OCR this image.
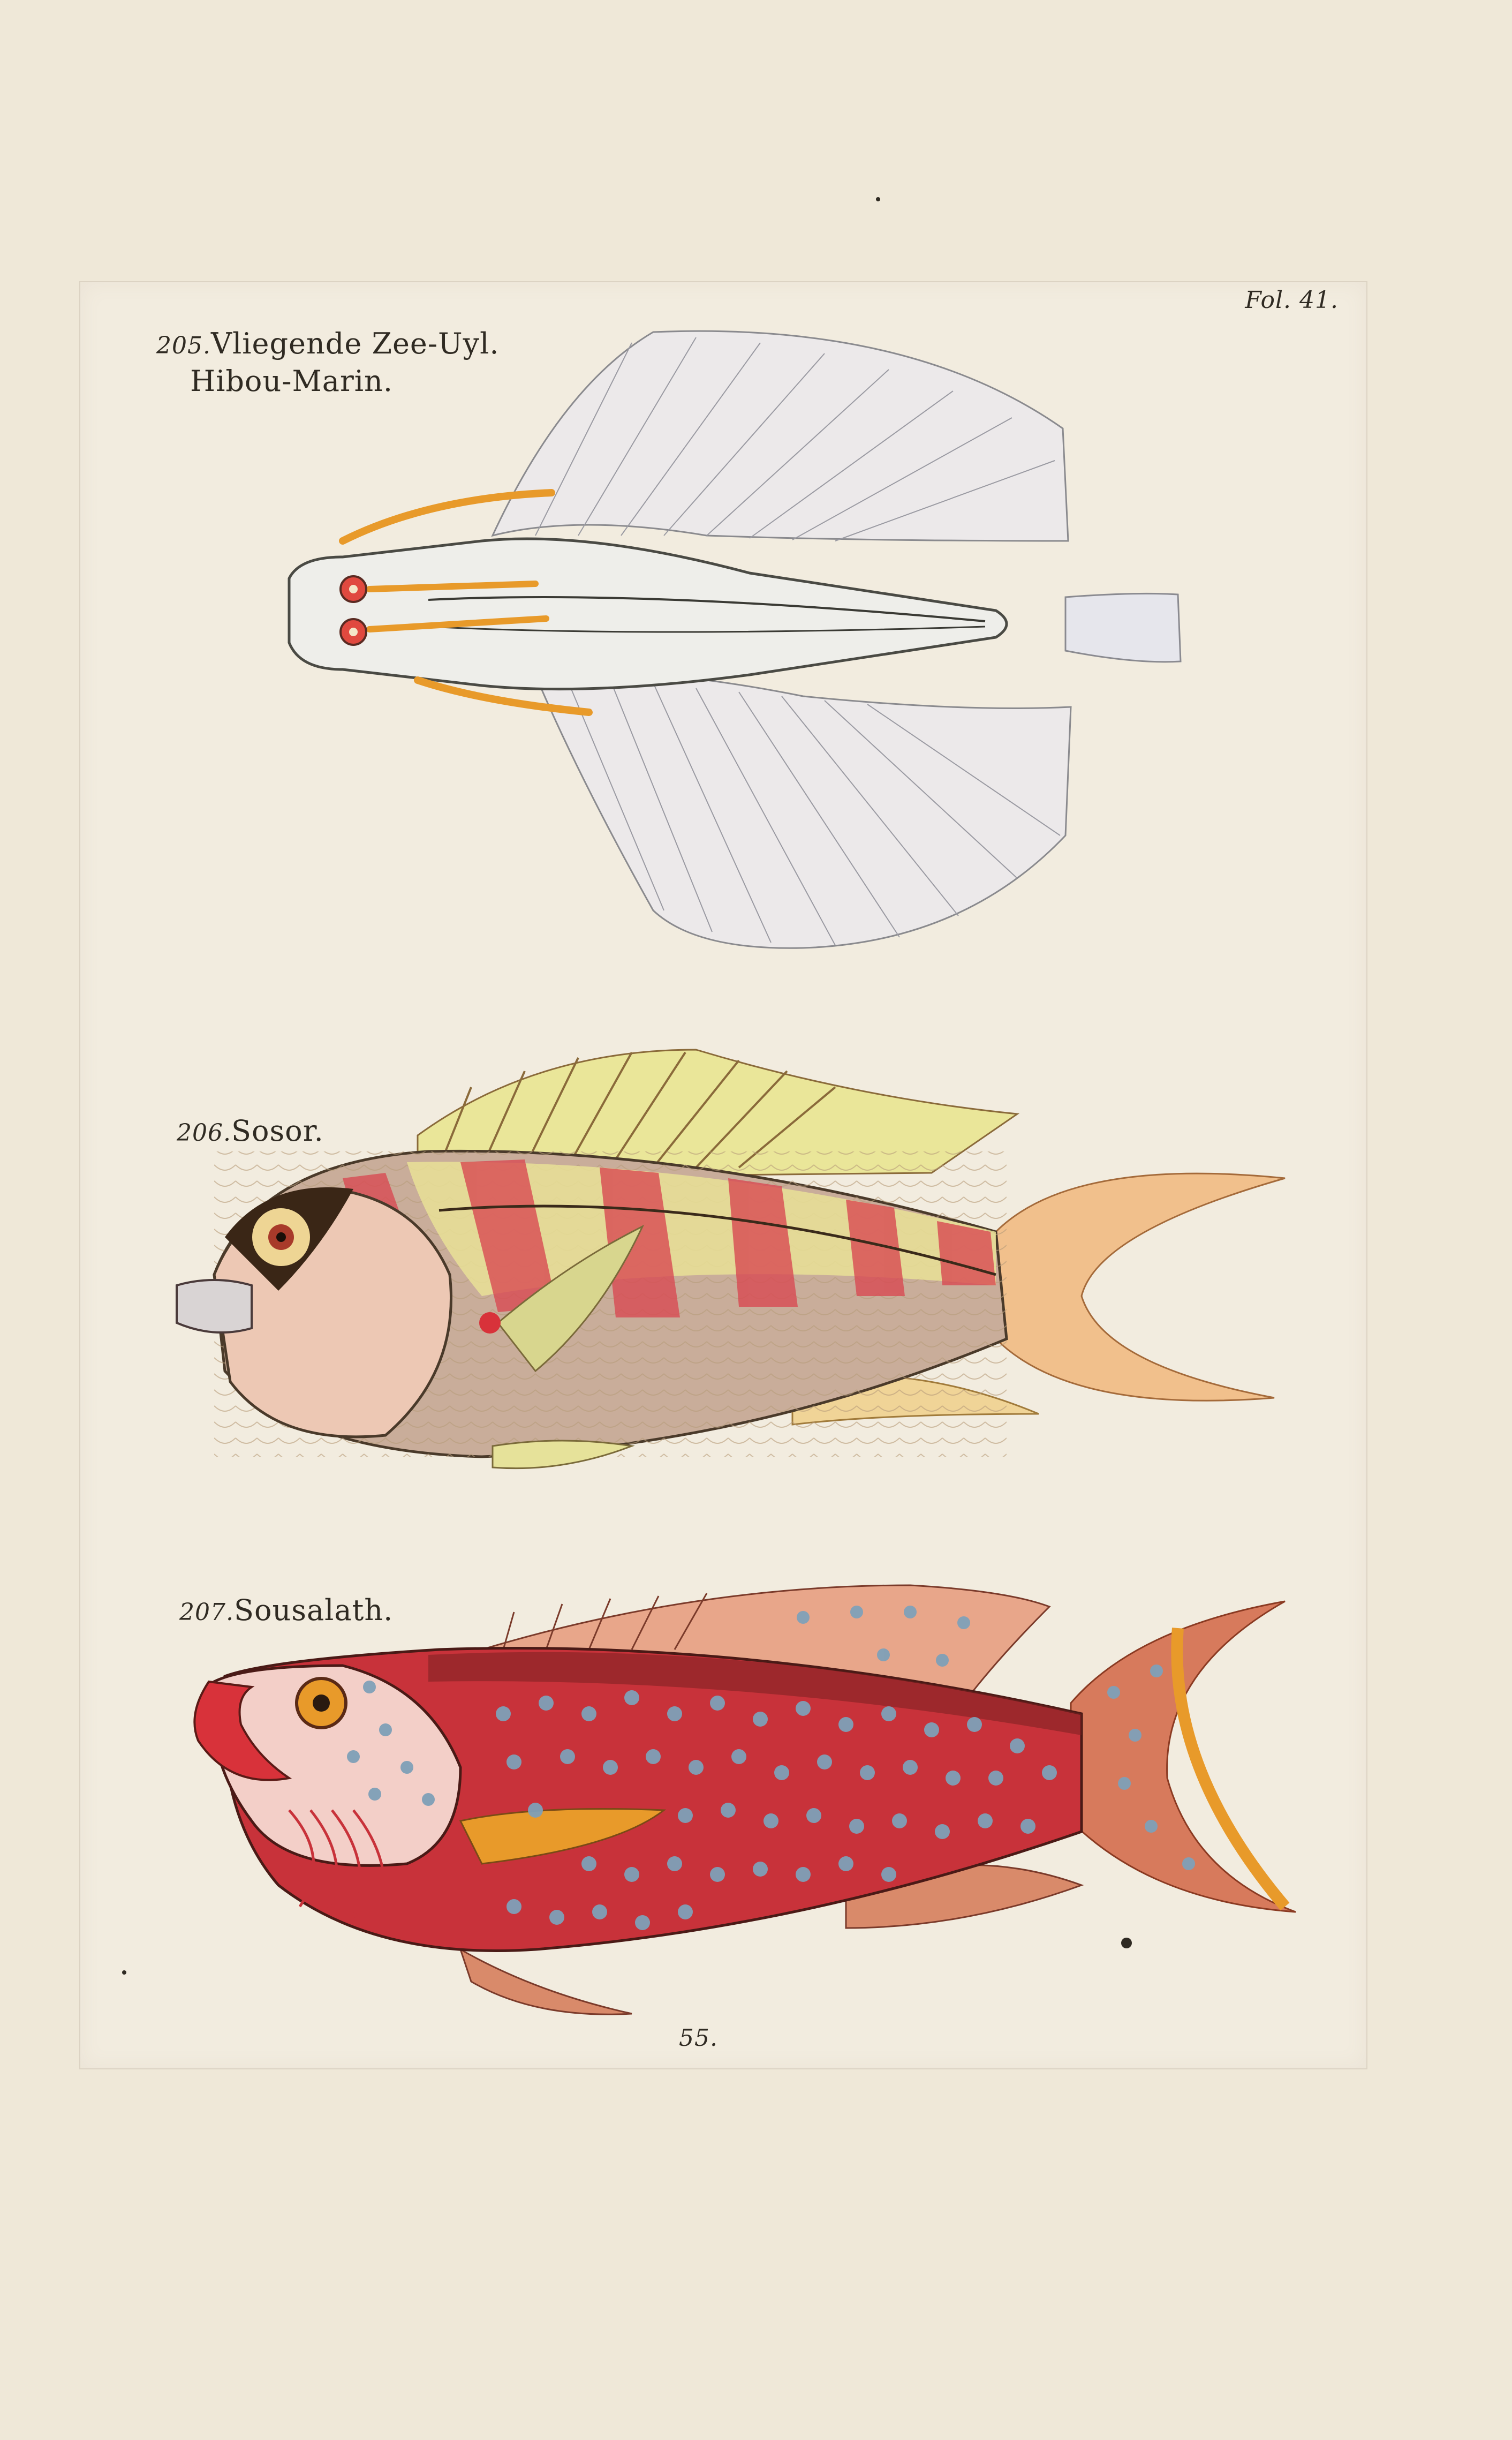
205.Vliegende Zee-Uyl.
Hibou-Marin.
206.Sosor.
207.Sousalath.
Fol. 41.
55.
